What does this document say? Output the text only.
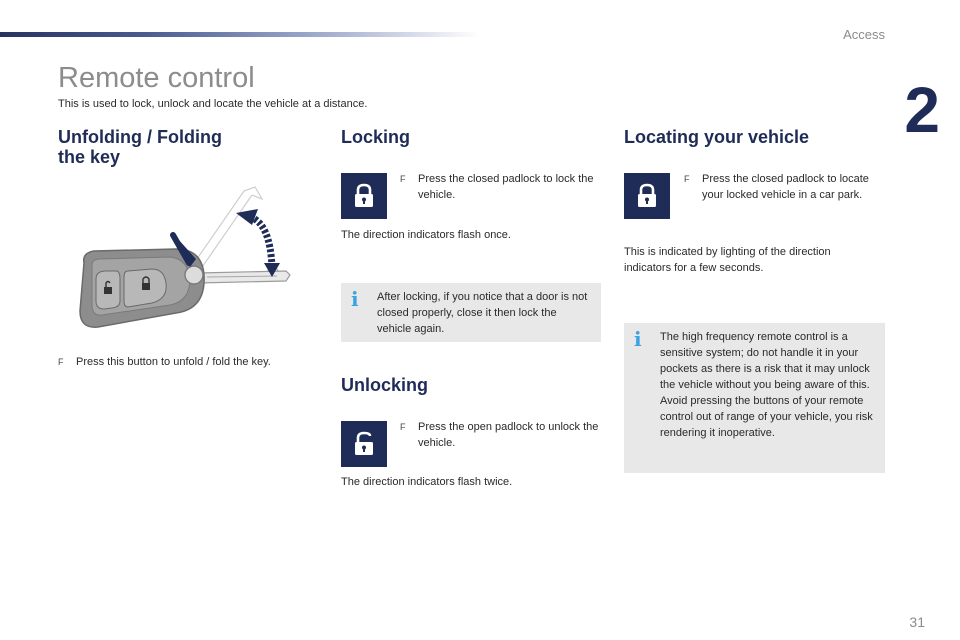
Access
2
Remote control

This is used to lock, unlock and locate the vehicle at a distance.

Unfolding / Folding
the key
F	Press this button to unfold / fold the key.
Locking
F	Press the closed padlock to lock the vehicle.

The direction indicators flash once.

i After locking, if you notice that a door is not closed properly, close it then lock the vehicle again.
Unlocking
F	Press the open padlock to unlock the vehicle.

The direction indicators flash twice.

Locating your vehicle
F	Press the closed padlock to locate your locked vehicle in a car park.

This is indicated by lighting of the direction indicators for a few seconds.

i The high frequency remote control is a sensitive system; do not handle it in your pockets as there is a risk that it may unlock the vehicle without you being aware of this.
Avoid pressing the buttons of your remote control out of range of your vehicle, you risk rendering it inoperative.
31
